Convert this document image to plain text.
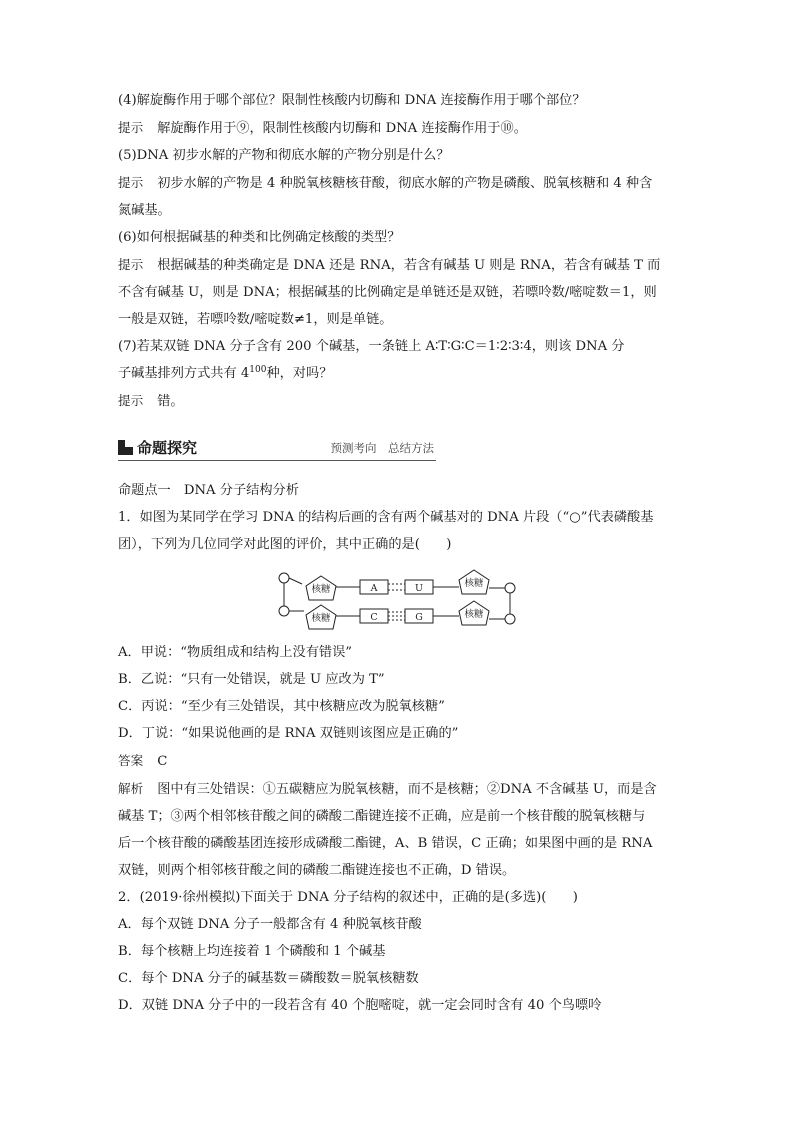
(4)解旋酶作用于哪个部位？限制性核酸内切酶和 DNA 连接酶作用于哪个部位？
提示 解旋酶作用于⑨，限制性核酸内切酶和 DNA 连接酶作用于⑩。
(5)DNA 初步水解的产物和彻底水解的产物分别是什么？
提示 初步水解的产物是 4 种脱氧核糖核苷酸，彻底水解的产物是磷酸、脱氧核糖和 4 种含
氮碱基。
(6)如何根据碱基的种类和比例确定核酸的类型？
提示 根据碱基的种类确定是 DNA 还是 RNA，若含有碱基 U 则是 RNA，若含有碱基 T 而
不含有碱基 U，则是 DNA；根据碱基的比例确定是单链还是双链，若嘌呤数/嘧啶数＝1，则
一般是双链，若嘌呤数/嘧啶数≠1，则是单链。
(7)若某双链 DNA 分子含有 200 个碱基，一条链上 A∶T∶G∶C＝1∶2∶3∶4，则该 DNA 分
子碱基排列方式共有 $4^{100}$种，对吗？
提示 错。
命题探究	预测考向　总结方法
命题点一　DNA 分子结构分析
1．如图为某同学在学习 DNA 的结构后画的含有两个碱基对的 DNA 片段（“○”代表磷酸基
团），下列为几位同学对此图的评价，其中正确的是(　　)
核糖
核糖
核糖
核糖
A	U
C	G
A．甲说：“物质组成和结构上没有错误”
B．乙说：“只有一处错误，就是 U 应改为 T”
C．丙说：“至少有三处错误，其中核糖应改为脱氧核糖”
D．丁说：“如果说他画的是 RNA 双链则该图应是正确的”
答案 C
解析 图中有三处错误：①五碳糖应为脱氧核糖，而不是核糖；②DNA 不含碱基 U，而是含
碱基 T；③两个相邻核苷酸之间的磷酸二酯键连接不正确，应是前一个核苷酸的脱氧核糖与
后一个核苷酸的磷酸基团连接形成磷酸二酯键，A、B 错误，C 正确；如果图中画的是 RNA
双链，则两个相邻核苷酸之间的磷酸二酯键连接也不正确，D 错误。
2．(2019·徐州模拟)下面关于 DNA 分子结构的叙述中，正确的是(多选)(　　)
A．每个双链 DNA 分子一般都含有 4 种脱氧核苷酸
B．每个核糖上均连接着 1 个磷酸和 1 个碱基
C．每个 DNA 分子的碱基数＝磷酸数＝脱氧核糖数
D．双链 DNA 分子中的一段若含有 40 个胞嘧啶，就一定会同时含有 40 个鸟嘌呤
